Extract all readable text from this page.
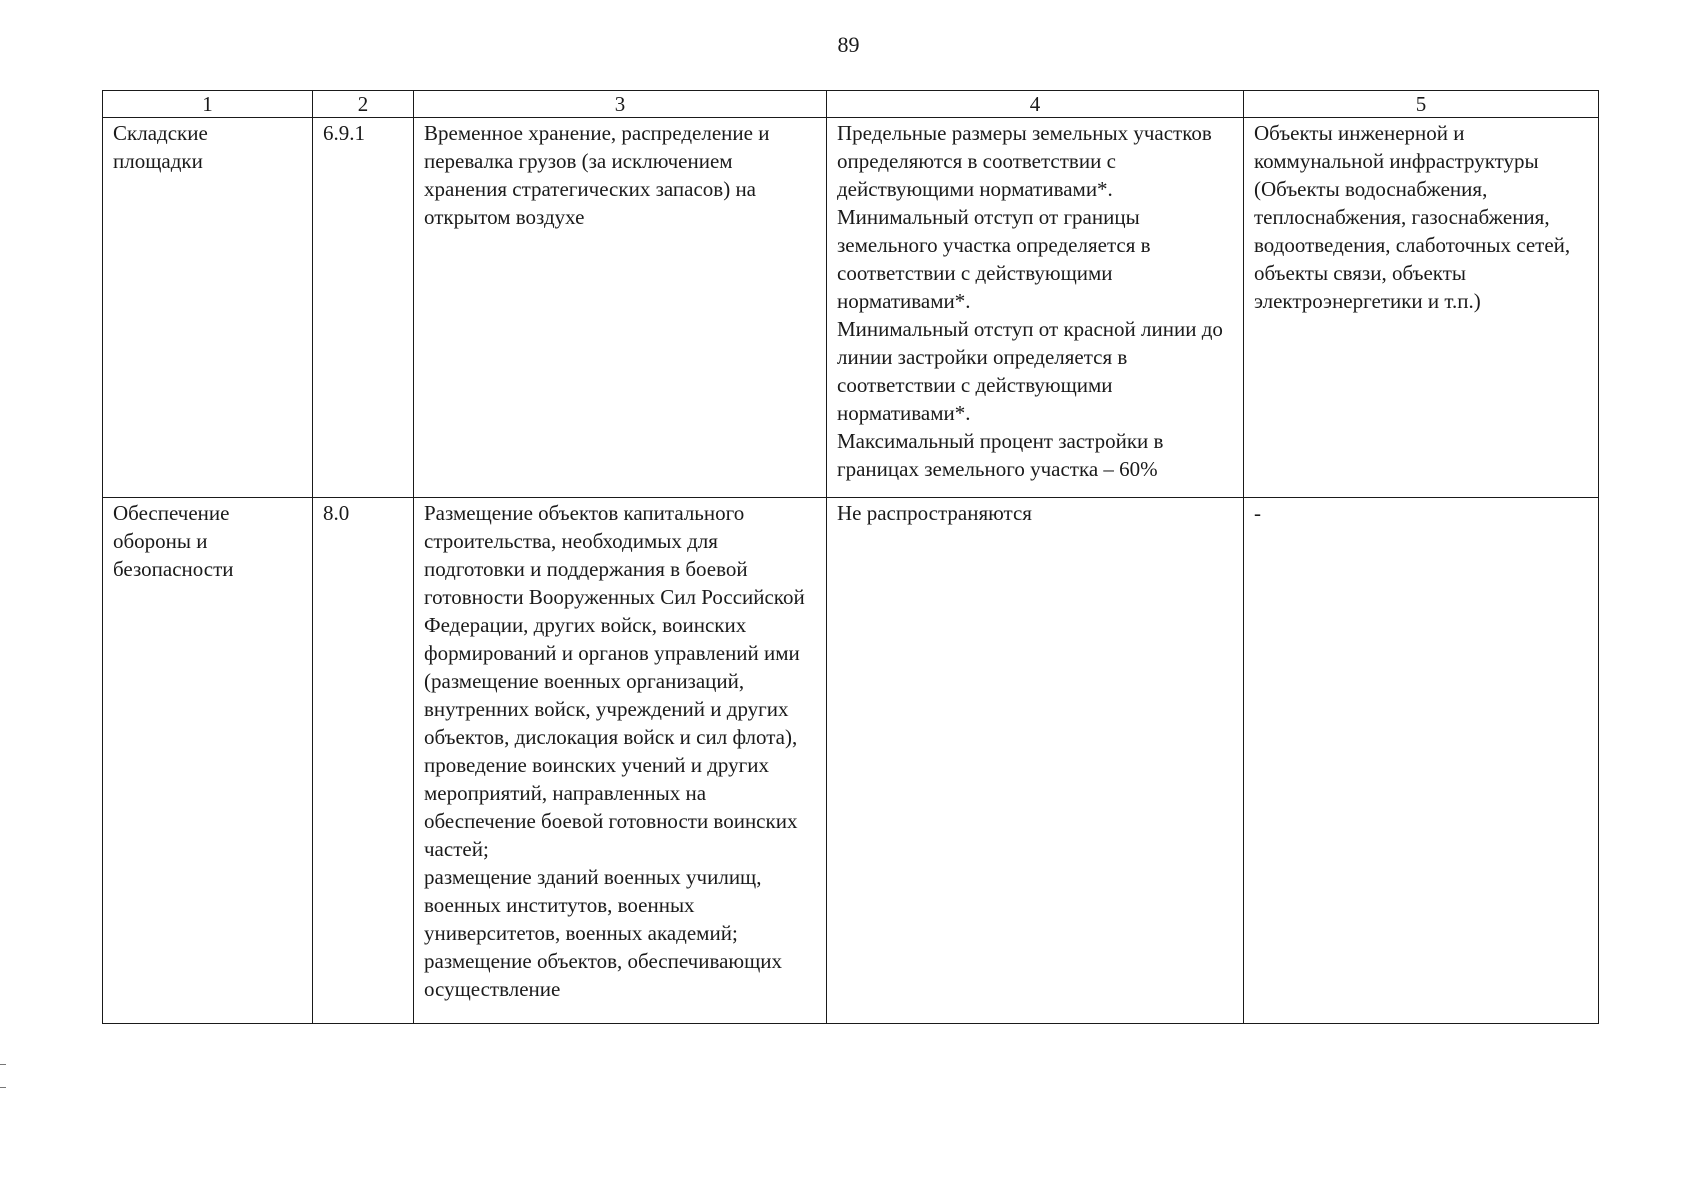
89
1	2	3	4	5
Складские площадки	6.9.1	Временное хранение, распределение и перевалка грузов (за исключением хранения стратегических запасов) на открытом воздухе	Предельные размеры земельных участков определяются в соответствии с действующими нормативами*.
Минимальный отступ от границы земельного участка определяется в соответствии с действующими нормативами*.
Минимальный отступ от красной линии до линии застройки определяется в соответствии с действующими нормативами*.
Максимальный процент застройки в границах земельного участка – 60%	Объекты инженерной и коммунальной инфраструктуры (Объекты водоснабжения, теплоснабжения, газоснабжения, водоотведения, слаботочных сетей, объекты связи, объекты электроэнергетики и т.п.)
Обеспечение обороны и безопасности	8.0	Размещение объектов капитального строительства, необходимых для подготовки и поддержания в боевой готовности Вооруженных Сил Российской Федерации, других войск, воинских формирований и органов управлений ими (размещение военных организаций, внутренних войск, учреждений и других объектов, дислокация войск и сил флота), проведение воинских учений и других мероприятий, направленных на обеспечение боевой готовности воинских частей;
размещение зданий военных училищ, военных институтов, военных университетов, военных академий;
размещение объектов, обеспечивающих осуществление	Не распространяются	-
